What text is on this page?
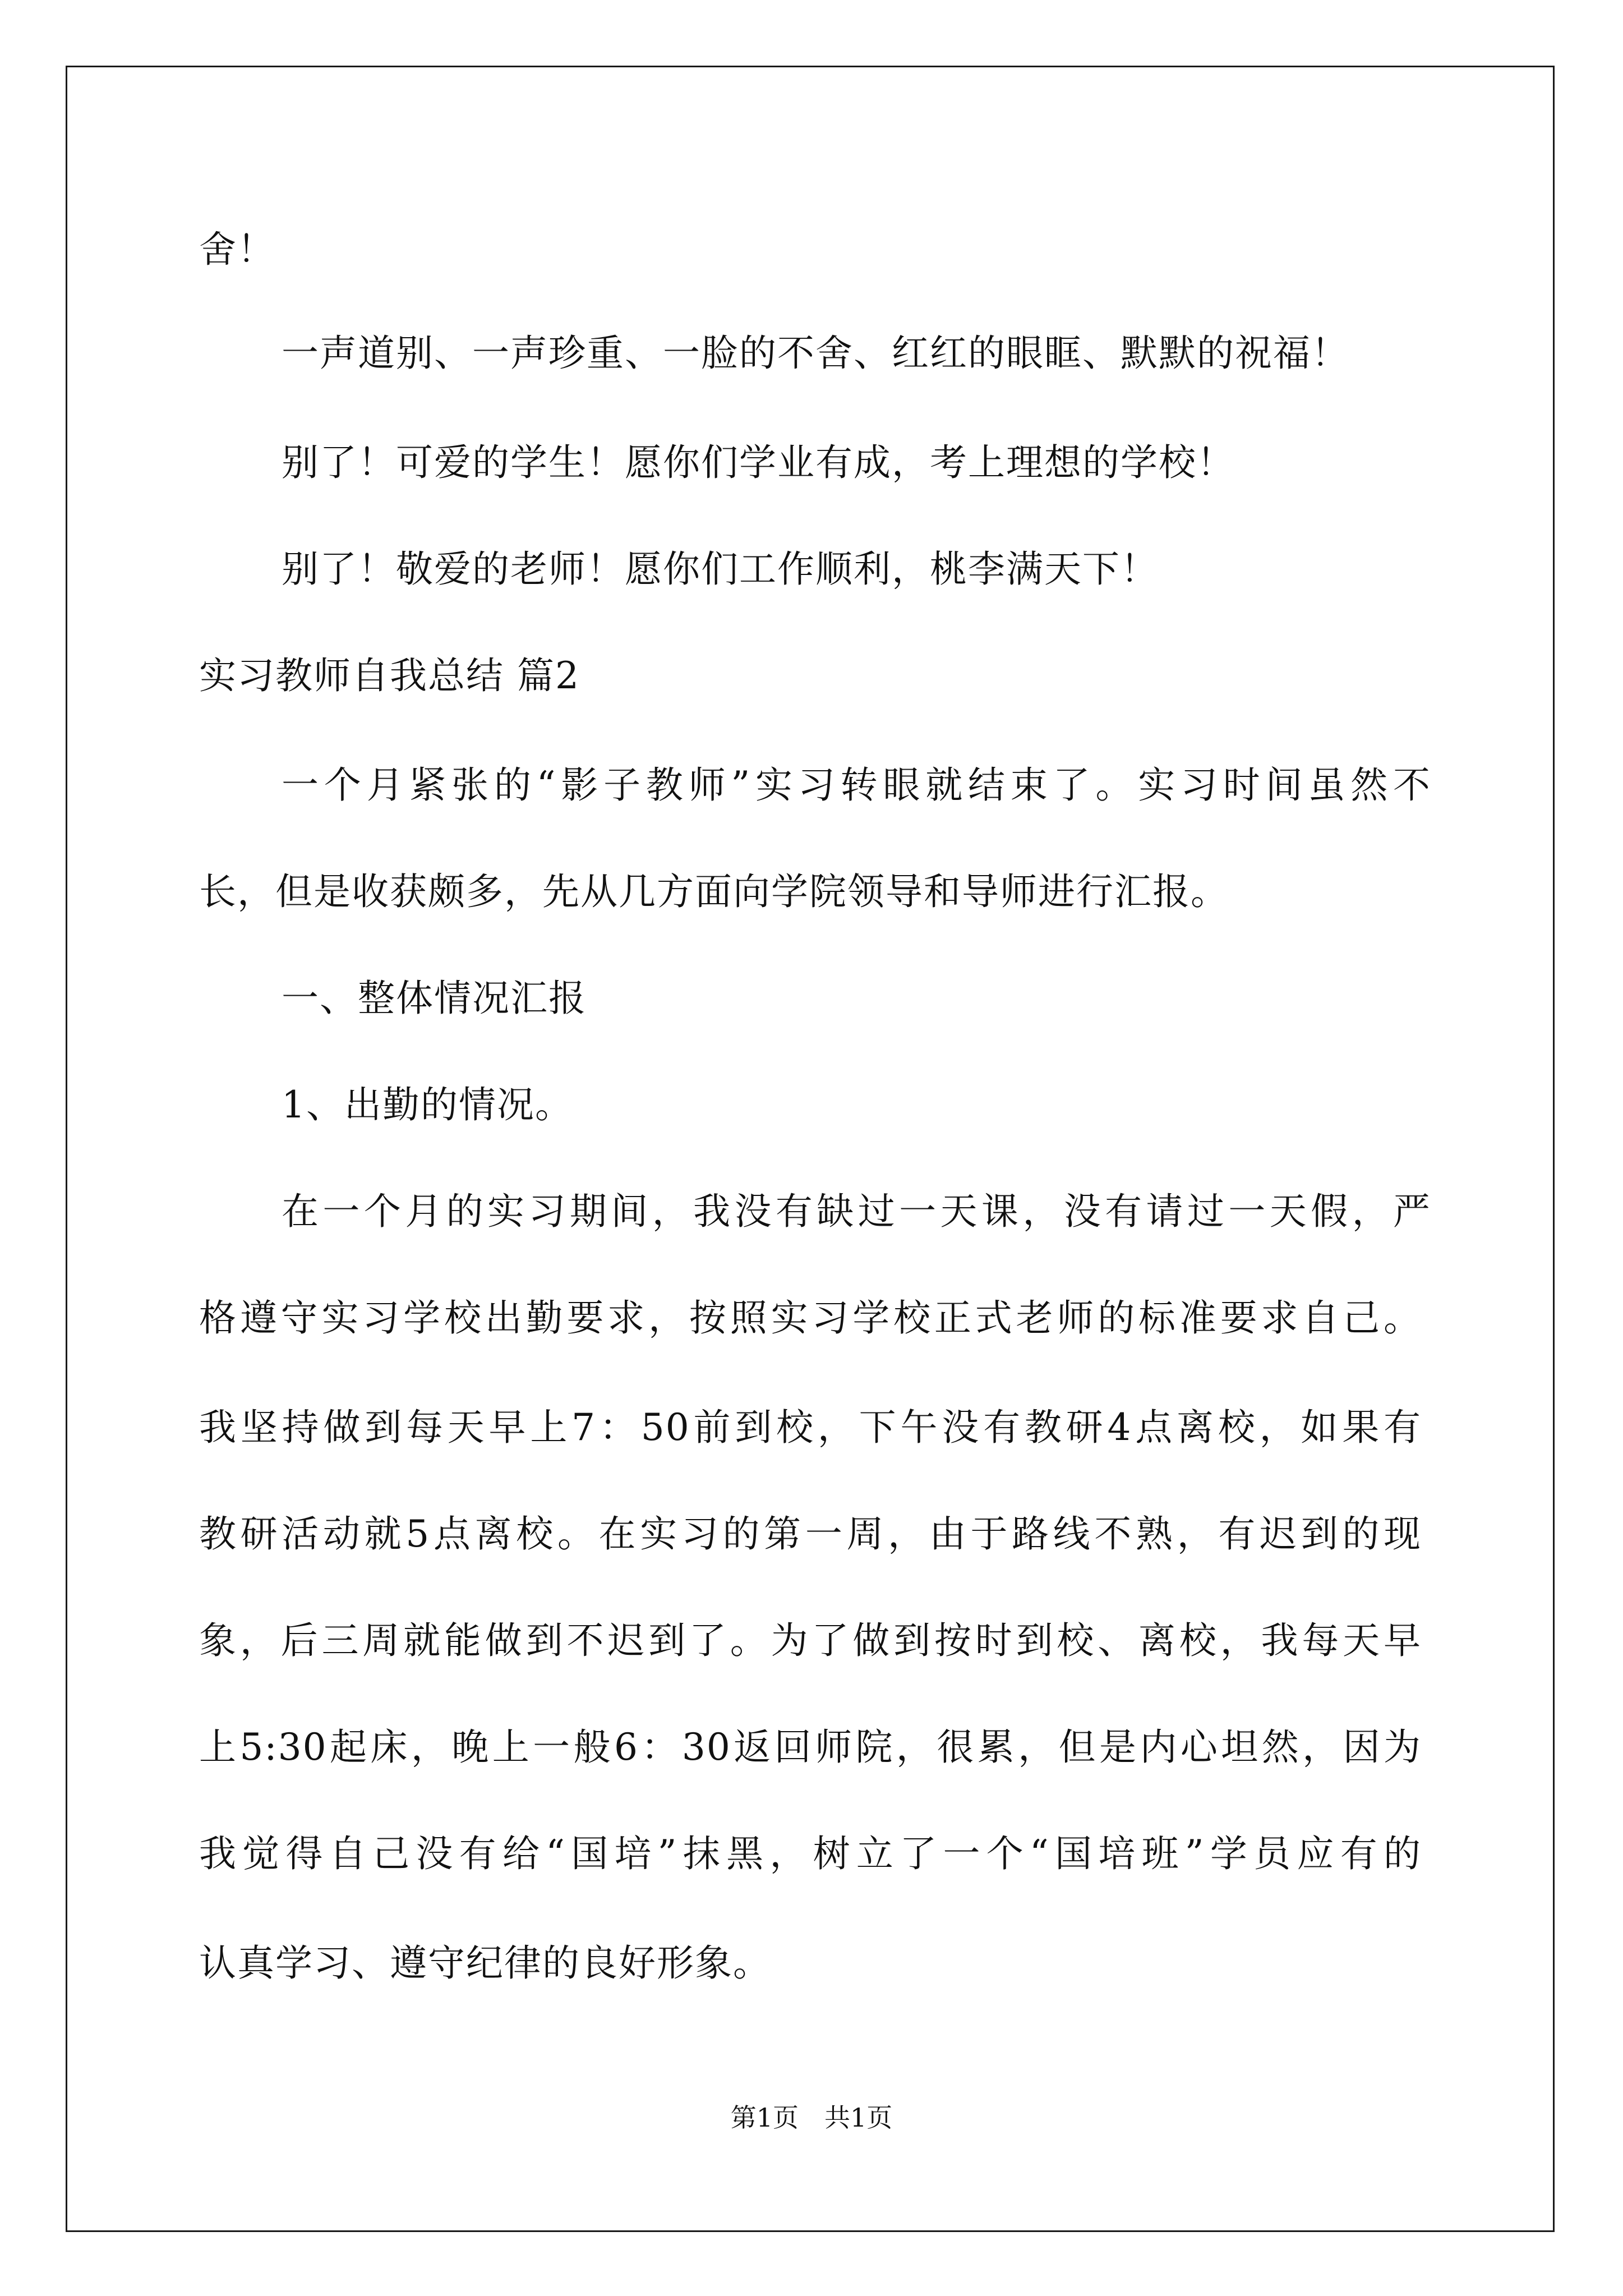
舍！
一声道别、一声珍重、一脸的不舍、红红的眼眶、默默的祝福！
别了！可爱的学生！愿你们学业有成，考上理想的学校！
别了！敬爱的老师！愿你们工作顺利，桃李满天下！
实习教师自我总结 篇2
一个月紧张的“影子教师”实习转眼就结束了。实习时间虽然不
长，但是收获颇多，先从几方面向学院领导和导师进行汇报。
一、整体情况汇报
1、出勤的情况。
在一个月的实习期间，我没有缺过一天课，没有请过一天假，严
格遵守实习学校出勤要求，按照实习学校正式老师的标准要求自己。
我坚持做到每天早上7：50前到校，下午没有教研4点离校，如果有
教研活动就5点离校。在实习的第一周，由于路线不熟，有迟到的现
象，后三周就能做到不迟到了。为了做到按时到校、离校，我每天早
上5:30起床，晚上一般6：30返回师院，很累，但是内心坦然，因为
我觉得自己没有给“国培”抹黑，树立了一个“国培班”学员应有的
认真学习、遵守纪律的良好形象。
第1页　共1页
